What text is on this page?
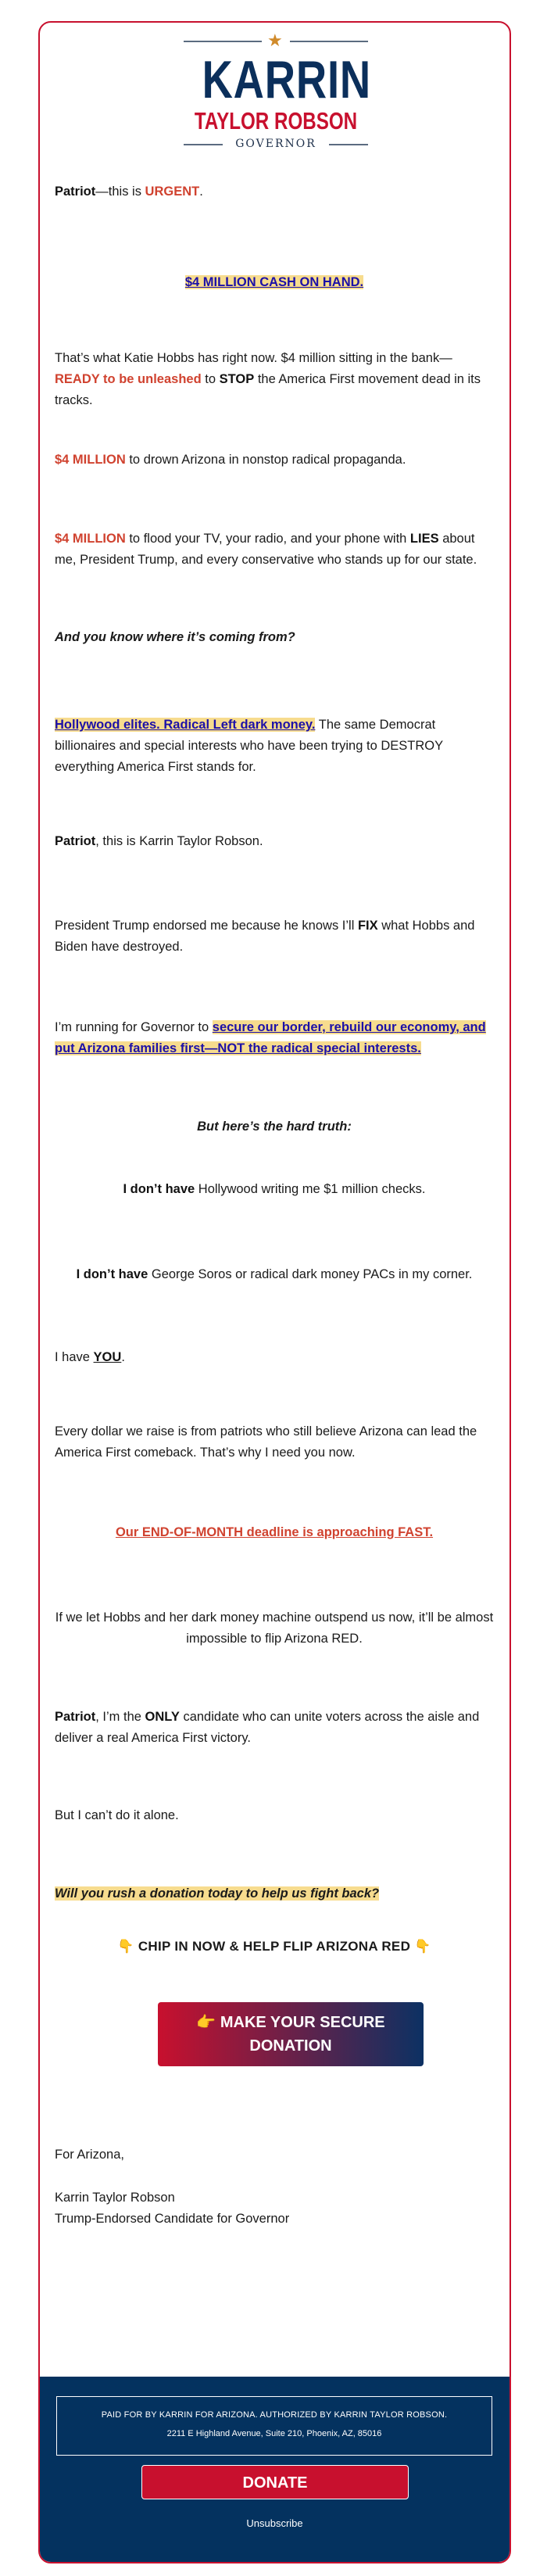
★
KARRIN
TAYLOR ROBSON
GOVERNOR

Patriot—this is URGENT.

$4 MILLION CASH ON HAND.

That’s what Katie Hobbs has right now. $4 million sitting in the bank—READY to be unleashed to STOP the America First movement dead in its tracks.

$4 MILLION to drown Arizona in nonstop radical propaganda.

$4 MILLION to flood your TV, your radio, and your phone with LIES about me, President Trump, and every conservative who stands up for our state.

And you know where it’s coming from?

Hollywood elites. Radical Left dark money. The same Democrat billionaires and special interests who have been trying to DESTROY everything America First stands for.

Patriot, this is Karrin Taylor Robson.

President Trump endorsed me because he knows I’ll FIX what Hobbs and Biden have destroyed.

I’m running for Governor to secure our border, rebuild our economy, and put Arizona families first—NOT the radical special interests.

But here’s the hard truth:

I don’t have Hollywood writing me $1 million checks.

I don’t have George Soros or radical dark money PACs in my corner.

I have YOU.

Every dollar we raise is from patriots who still believe Arizona can lead the America First comeback. That’s why I need you now.

Our END-OF-MONTH deadline is approaching FAST.

If we let Hobbs and her dark money machine outspend us now, it’ll be almost impossible to flip Arizona RED.

Patriot, I’m the ONLY candidate who can unite voters across the aisle and deliver a real America First victory.

But I can’t do it alone.

Will you rush a donation today to help us fight back?

👇 CHIP IN NOW & HELP FLIP ARIZONA RED 👇

👉 MAKE YOUR SECURE DONATION

For Arizona,

Karrin Taylor Robson

Trump-Endorsed Candidate for Governor

PAID FOR BY KARRIN FOR ARIZONA. AUTHORIZED BY KARRIN TAYLOR ROBSON.
2211 E Highland Avenue, Suite 210, Phoenix, AZ, 85016
DONATE
Unsubscribe
